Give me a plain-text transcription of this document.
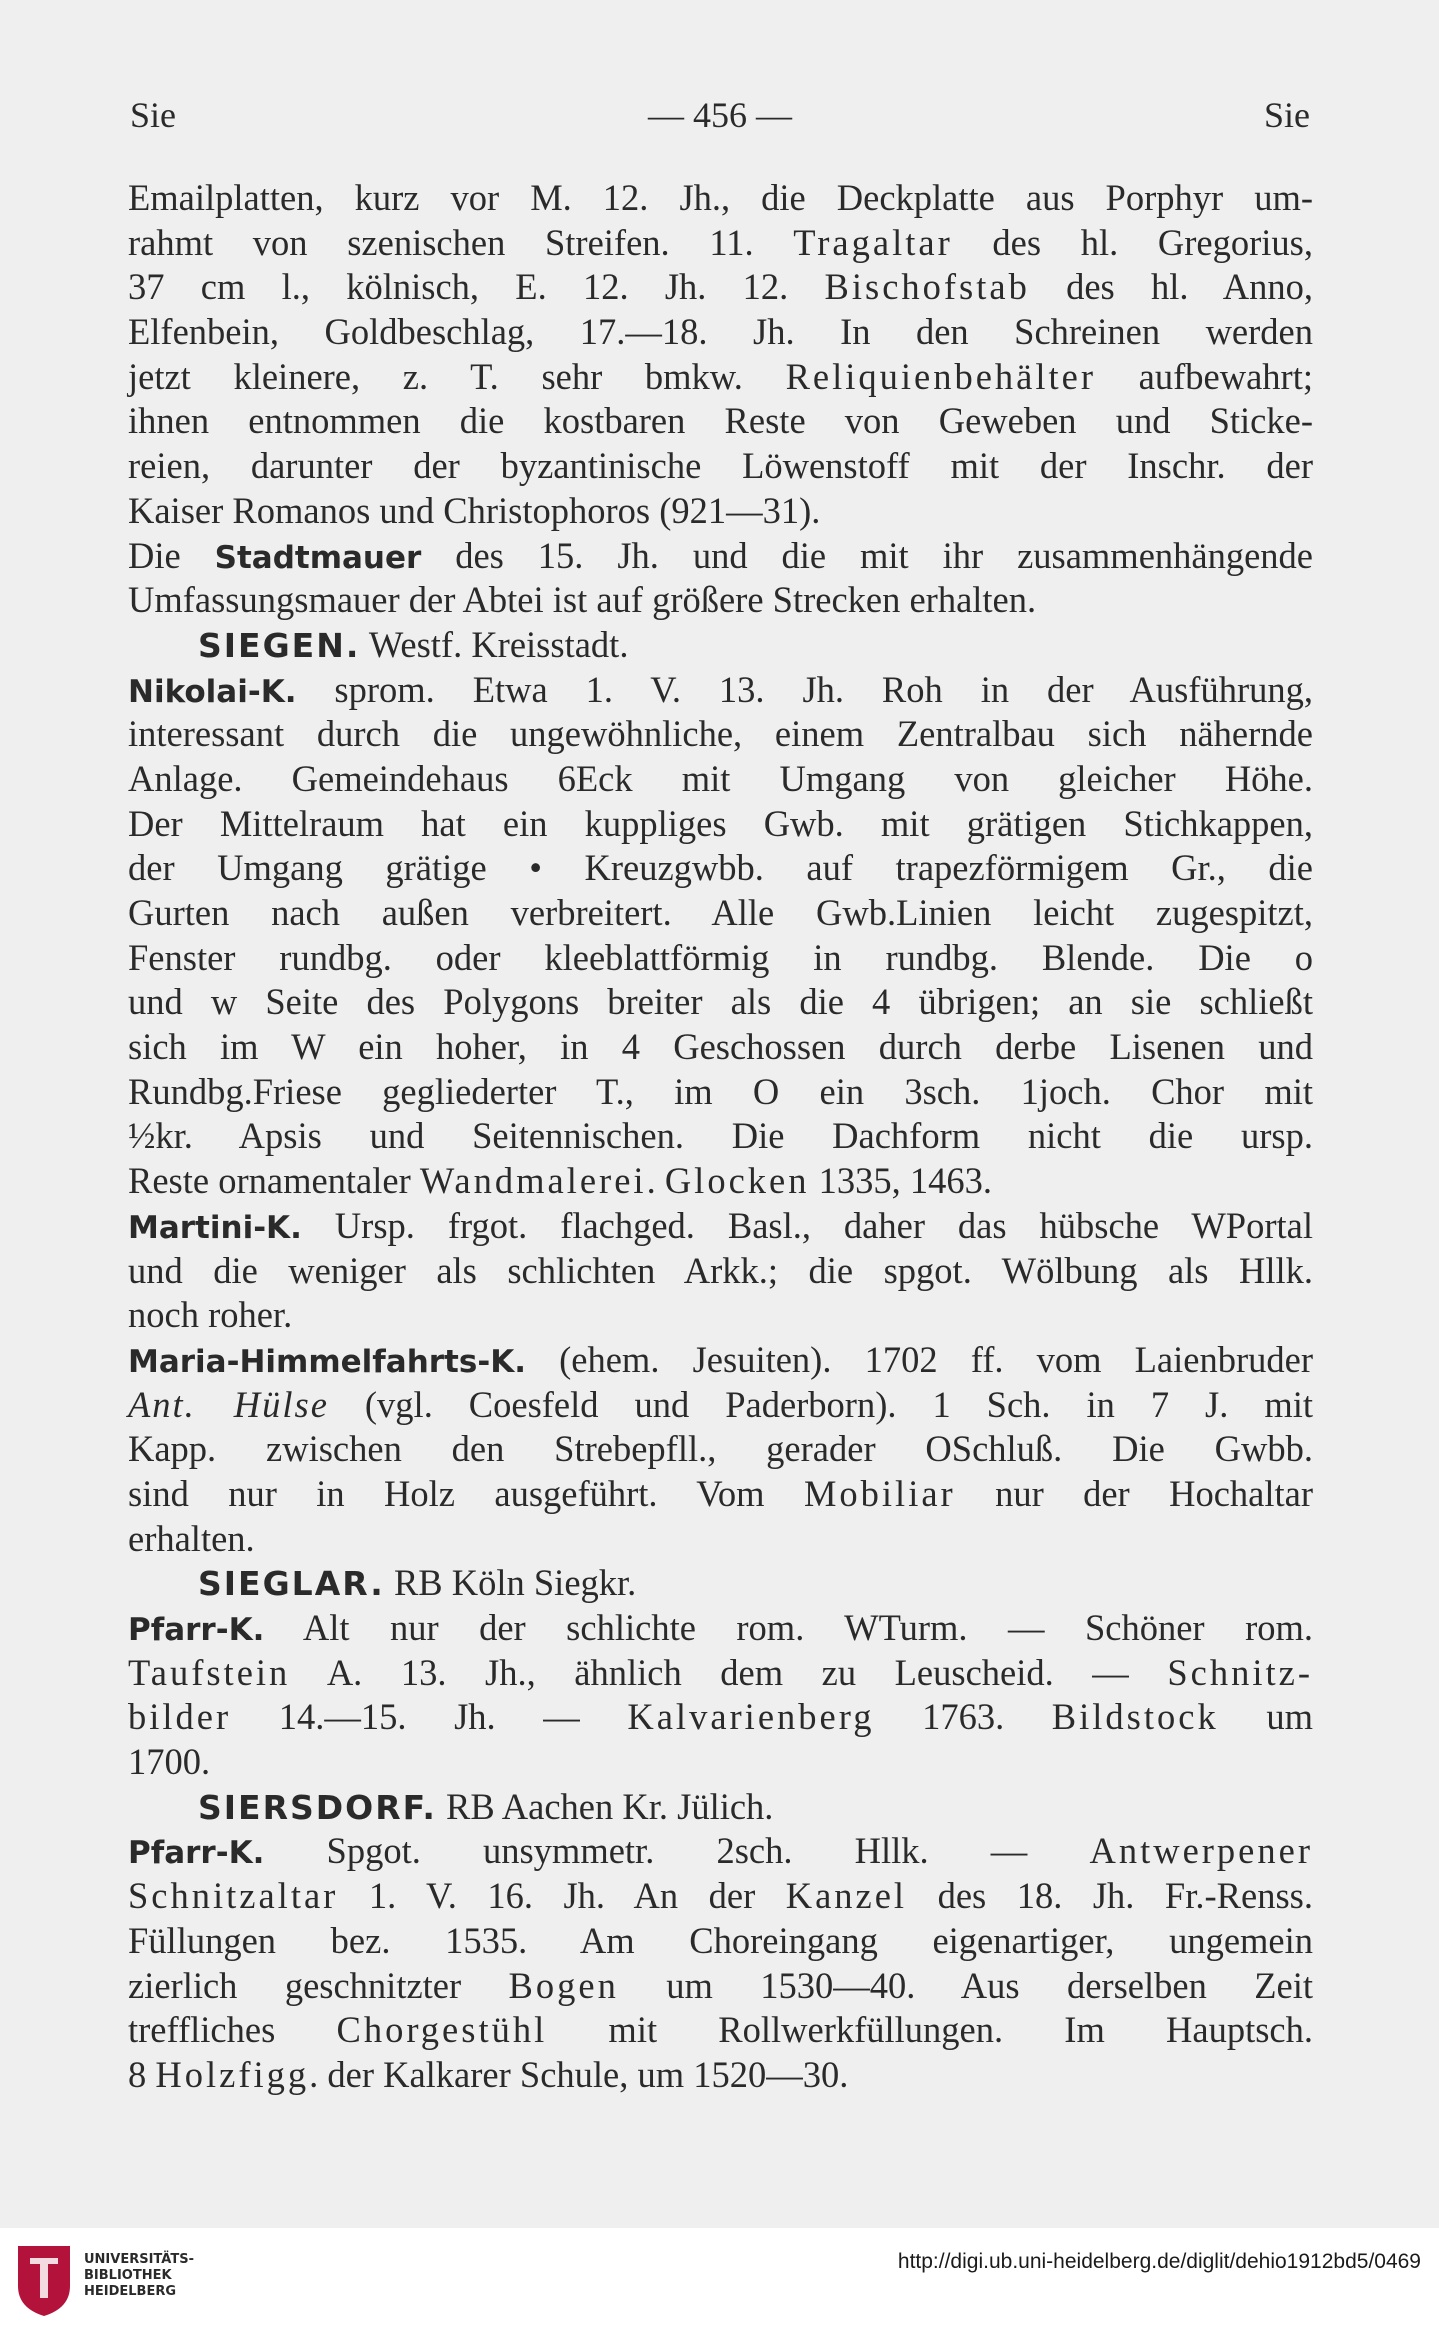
Sie	— 456 —	Sie
Emailplatten, kurz vor M. 12. Jh., die Deckplatte aus Porphyr um-
rahmt von szenischen Streifen. 11. Tragaltar des hl. Gregorius,
37 cm l., kölnisch, E. 12. Jh. 12. Bischofstab des hl. Anno,
Elfenbein, Goldbeschlag, 17.—18. Jh. In den Schreinen werden
jetzt kleinere, z. T. sehr bmkw. Reliquienbehälter aufbewahrt;
ihnen entnommen die kostbaren Reste von Geweben und Sticke-
reien, darunter der byzantinische Löwenstoff mit der Inschr. der
Kaiser Romanos und Christophoros (921—31).
Die Stadtmauer des 15. Jh. und die mit ihr zusammenhängende
Umfassungsmauer der Abtei ist auf größere Strecken erhalten.
SIEGEN. Westf. Kreisstadt.
Nikolai-K. sprom. Etwa 1. V. 13. Jh. Roh in der Ausführung,
interessant durch die ungewöhnliche, einem Zentralbau sich nähernde
Anlage. Gemeindehaus 6Eck mit Umgang von gleicher Höhe.
Der Mittelraum hat ein kuppliges Gwb. mit grätigen Stichkappen,
der Umgang grätige • Kreuzgwbb. auf trapezförmigem Gr., die
Gurten nach außen verbreitert. Alle Gwb.Linien leicht zugespitzt,
Fenster rundbg. oder kleeblattförmig in rundbg. Blende. Die o
und w Seite des Polygons breiter als die 4 übrigen; an sie schließt
sich im W ein hoher, in 4 Geschossen durch derbe Lisenen und
Rundbg.Friese gegliederter T., im O ein 3sch. 1joch. Chor mit
½kr. Apsis und Seitennischen. Die Dachform nicht die ursp.
Reste ornamentaler Wandmalerei. Glocken 1335, 1463.
Martini-K. Ursp. frgot. flachged. Basl., daher das hübsche WPortal
und die weniger als schlichten Arkk.; die spgot. Wölbung als Hllk.
noch roher.
Maria-Himmelfahrts-K. (ehem. Jesuiten). 1702 ff. vom Laienbruder
Ant. Hülse (vgl. Coesfeld und Paderborn). 1 Sch. in 7 J. mit
Kapp. zwischen den Strebepfll., gerader OSchluß. Die Gwbb.
sind nur in Holz ausgeführt. Vom Mobiliar nur der Hochaltar
erhalten.
SIEGLAR. RB Köln Siegkr.
Pfarr-K. Alt nur der schlichte rom. WTurm. — Schöner rom.
Taufstein A. 13. Jh., ähnlich dem zu Leuscheid. — Schnitz-
bilder 14.—15. Jh. — Kalvarienberg 1763. Bildstock um
1700.
SIERSDORF. RB Aachen Kr. Jülich.
Pfarr-K. Spgot. unsymmetr. 2sch. Hllk. — Antwerpener
Schnitzaltar 1. V. 16. Jh. An der Kanzel des 18. Jh. Fr.-Renss.
Füllungen bez. 1535. Am Choreingang eigenartiger, ungemein
zierlich geschnitzter Bogen um 1530—40. Aus derselben Zeit
treffliches Chorgestühl mit Rollwerkfüllungen. Im Hauptsch.
8 Holzfigg. der Kalkarer Schule, um 1520—30.
UNIVERSITÄTS-
BIBLIOTHEK
HEIDELBERG
http://digi.ub.uni-heidelberg.de/diglit/dehio1912bd5/0469
